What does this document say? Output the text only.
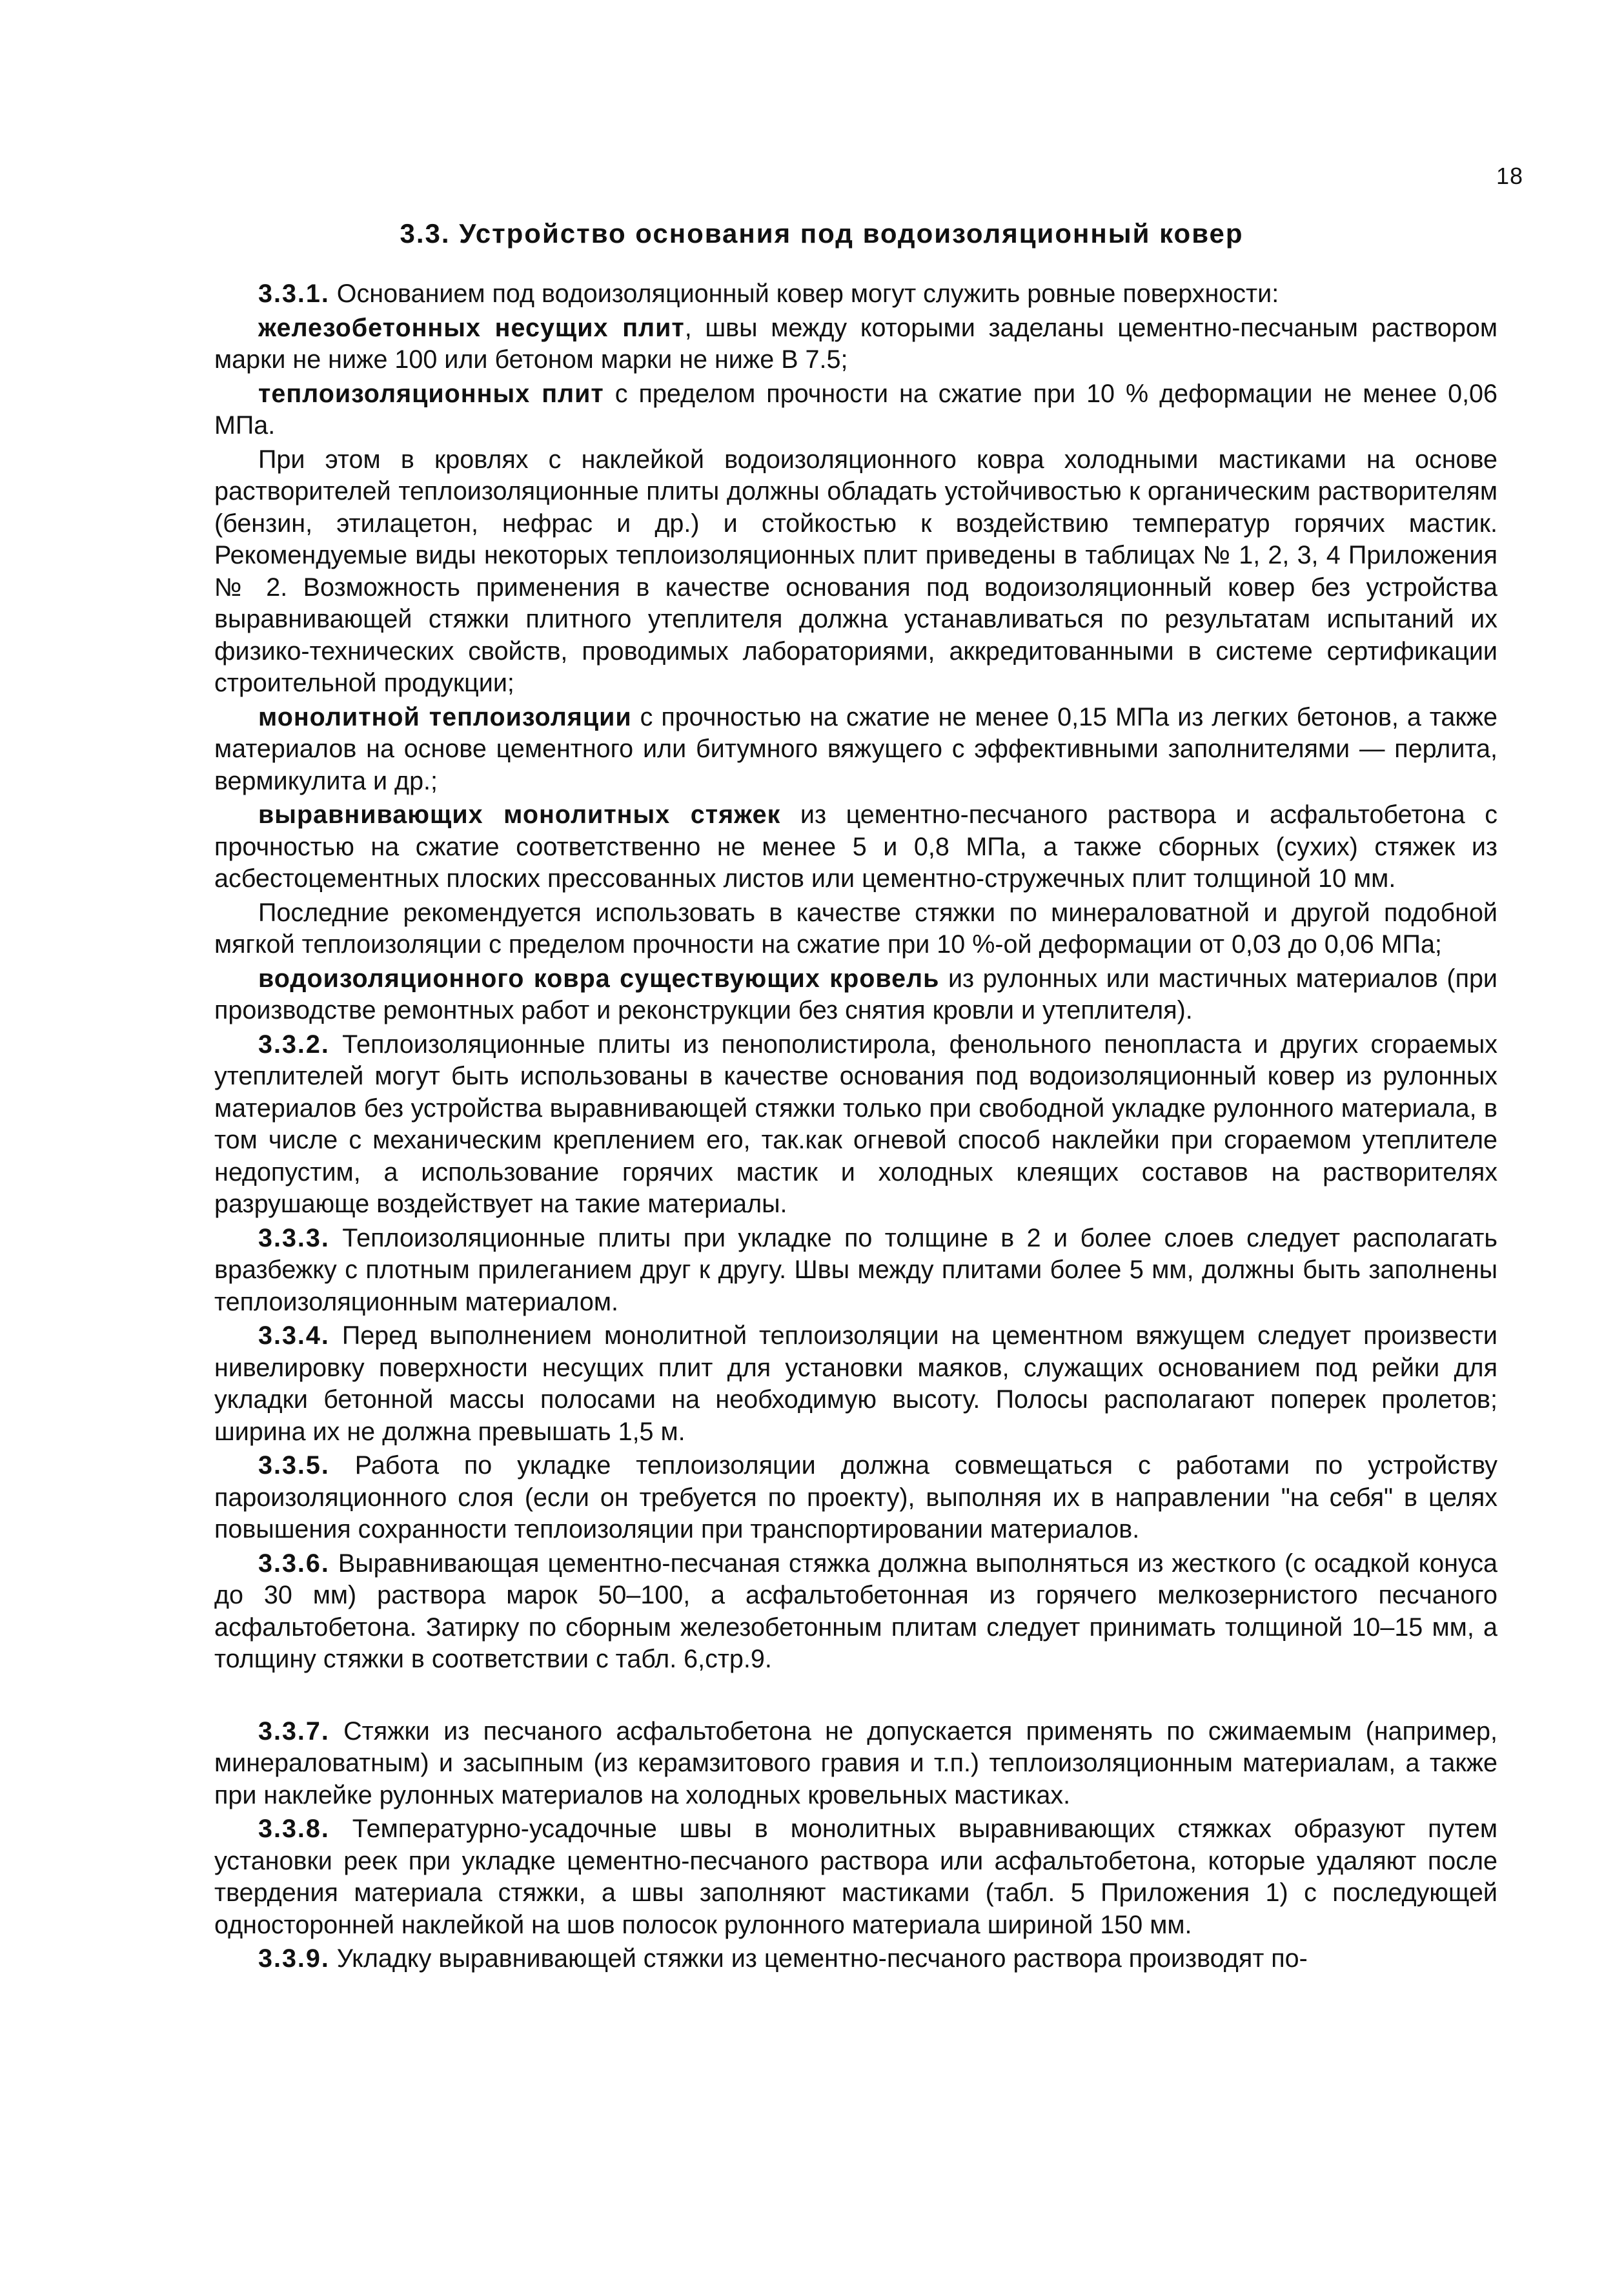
18
3.3. Устройство основания под водоизоляционный ковер

3.3.1. Основанием под водоизоляционный ковер могут служить ровные поверхности:

железобетонных несущих плит, швы между которыми заделаны цементно-песчаным раствором марки не ниже 100 или бетоном марки не ниже В 7.5;

теплоизоляционных плит с пределом прочности на сжатие при 10 % деформации не менее 0,06 МПа.

При этом в кровлях с наклейкой водоизоляционного ковра холодными мастиками на основе растворителей теплоизоляционные плиты должны обладать устойчивостью к органическим растворителям (бензин, этилацетон, нефрас и др.) и стойкостью к воздействию температур горячих мастик. Рекомендуемые виды некоторых теплоизоляционных плит приведены в таблицах № 1, 2, 3, 4 Приложения № 2. Возможность применения в качестве основания под водоизоляционный ковер без устройства выравнивающей стяжки плитного утеплителя должна устанавливаться по результатам испытаний их физико-технических свойств, проводимых лабораториями, аккредитованными в системе сертификации строительной продукции;

монолитной теплоизоляции с прочностью на сжатие не менее 0,15 МПа из легких бетонов, а также материалов на основе цементного или битумного вяжущего с эффективными заполнителями — перлита, вермикулита и др.;

выравнивающих монолитных стяжек из цементно-песчаного раствора и асфальтобетона с прочностью на сжатие соответственно не менее 5 и 0,8 МПа, а также сборных (сухих) стяжек из асбестоцементных плоских прессованных листов или цементно-стружечных плит толщиной 10 мм.

Последние рекомендуется использовать в качестве стяжки по минераловатной и другой подобной мягкой теплоизоляции с пределом прочности на сжатие при 10 %-ой деформации от 0,03 до 0,06 МПа;

водоизоляционного ковра существующих кровель из рулонных или мастичных материалов (при производстве ремонтных работ и реконструкции без снятия кровли и утеплителя).

3.3.2. Теплоизоляционные плиты из пенополистирола, фенольного пенопласта и других сгораемых утеплителей могут быть использованы в качестве основания под водоизоляционный ковер из рулонных материалов без устройства выравнивающей стяжки только при свободной укладке рулонного материала, в том числе с механическим креплением его, так.как огневой способ наклейки при сгораемом утеплителе недопустим, а использование горячих мастик и холодных клеящих составов на растворителях разрушающе воздействует на такие материалы.

3.3.3. Теплоизоляционные плиты при укладке по толщине в 2 и более слоев следует располагать вразбежку с плотным прилеганием друг к другу. Швы между плитами более 5 мм, должны быть заполнены теплоизоляционным материалом.

3.3.4. Перед выполнением монолитной теплоизоляции на цементном вяжущем следует произвести нивелировку поверхности несущих плит для установки маяков, служащих основанием под рейки для укладки бетонной массы полосами на необходимую высоту. Полосы располагают поперек пролетов; ширина их не должна превышать 1,5 м.

3.3.5. Работа по укладке теплоизоляции должна совмещаться с работами по устройству пароизоляционного слоя (если он требуется по проекту), выполняя их в направлении "на себя" в целях повышения сохранности теплоизоляции при транспортировании материалов.

3.3.6. Выравнивающая цементно-песчаная стяжка должна выполняться из жесткого (с осадкой конуса до 30 мм) раствора марок 50–100, а асфальтобетонная из горячего мелкозернистого песчаного асфальтобетона. Затирку по сборным железобетонным плитам следует принимать толщиной 10–15 мм, а толщину стяжки в соответствии с табл. 6,стр.9.

3.3.7. Стяжки из песчаного асфальтобетона не допускается применять по сжимаемым (например, минераловатным) и засыпным (из керамзитового гравия и т.п.) теплоизоляционным материалам, а также при наклейке рулонных материалов на холодных кровельных мастиках.

3.3.8. Температурно-усадочные швы в монолитных выравнивающих стяжках образуют путем установки реек при укладке цементно-песчаного раствора или асфальтобетона, которые удаляют после твердения материала стяжки, а швы заполняют мастиками (табл. 5 Приложения 1) с последующей односторонней наклейкой на шов полосок рулонного материала шириной 150 мм.

3.3.9. Укладку выравнивающей стяжки из цементно-песчаного раствора производят по-
